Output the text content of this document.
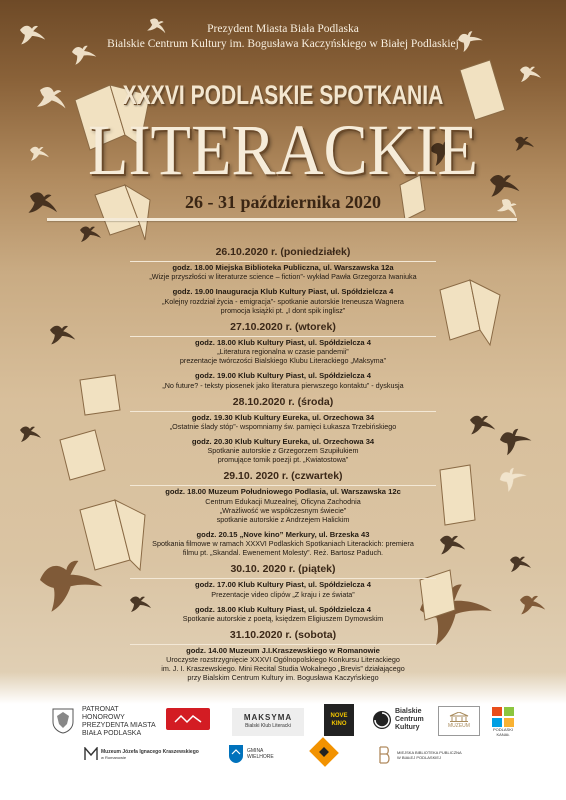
Prezydent Miasta Biała Podlaska

Bialskie Centrum Kultury im. Bogusława Kaczyńskiego w Białej Podlaskiej

XXXVI PODLASKIE SPOTKANIA
LITERACKIE
26 - 31 października 2020

26.10.2020 r. (poniedziałek)

godz. 18.00 Miejska Biblioteka Publiczna, ul. Warszawska 12a

„Wizje przyszłości w literaturze science – fiction”- wykład Pawła Grzegorza Iwaniuka

godz. 19.00 Inauguracja Klub Kultury Piast, ul. Spółdzielcza 4

„Kolejny rozdział życia - emigracja”- spotkanie autorskie Ireneusza Wagnera

promocja książki pt. „I dont spik inglisz”

27.10.2020 r. (wtorek)

godz. 18.00 Klub Kultury Piast, ul. Spółdzielcza 4

„Literatura regionalna w czasie pandemii”

prezentacje twórczości Bialskiego Klubu Literackiego „Maksyma”

godz. 19.00 Klub Kultury Piast, ul. Spółdzielcza 4

„No future? - teksty piosenek jako literatura pierwszego kontaktu” - dyskusja

28.10.2020 r. (środa)

godz. 19.30 Klub Kultury Eureka, ul. Orzechowa 34

„Ostatnie ślady stóp”- wspomniamy św. pamięci Łukasza Trzebińskiego

godz. 20.30 Klub Kultury Eureka, ul. Orzechowa 34

Spotkanie autorskie z Grzegorzem Szupiłukiem

promujące tomik poezji pt. „Kwiatostowa”

29.10. 2020 r. (czwartek)

godz. 18.00 Muzeum Południowego Podlasia, ul. Warszawska 12c

Centrum Edukacji Muzealnej, Oficyna Zachodnia

„Wrażliwość we współczesnym świecie”

spotkanie autorskie z Andrzejem Halickim

godz. 20.15 „Nove kino” Merkury, ul. Brzeska 43

Spotkania filmowe w ramach XXXVI Podlaskich Spotkaniach Literackich: premiera

filmu pt. „Skandal. Ewenement Molesty”. Reż. Bartosz Paduch.

30.10. 2020 r. (piątek)

godz. 17.00 Klub Kultury Piast, ul. Spółdzielcza 4

Prezentacje video clipów „Z kraju i ze świata”

godz. 18.00 Klub Kultury Piast, ul. Spółdzielcza 4

Spotkanie autorskie z poetą, księdzem Eligiuszem Dymowskim

31.10.2020 r. (sobota)

godz. 14.00 Muzeum J.I.Kraszewskiego w Romanowie

Uroczyste rozstrzygnięcie XXXVI Ogólnopolskiego Konkursu Literackiego

im. J. I. Kraszewskiego. Mini Recital Studia Wokalnego „Brevis” działającego

przy Bialskim Centrum Kultury im. Bogusława Kaczyńskiego

PATRONAT HONOROWY
PREZYDENTA MIASTA
BIAŁA PODLASKA
MAKSYMA
Bialski Klub Literacki
NOVE KINO
Bialskie
Centrum
Kultury	MUZEUM
PODLASKI
KANAŁ
Muzeum Józefa Ignacego Kraszewskiego
w Romanowie
GMINA
WIELHORE
MIEJSKA BIBLIOTEKA PUBLICZNA
W BIAŁEJ PODLASKIEJ
